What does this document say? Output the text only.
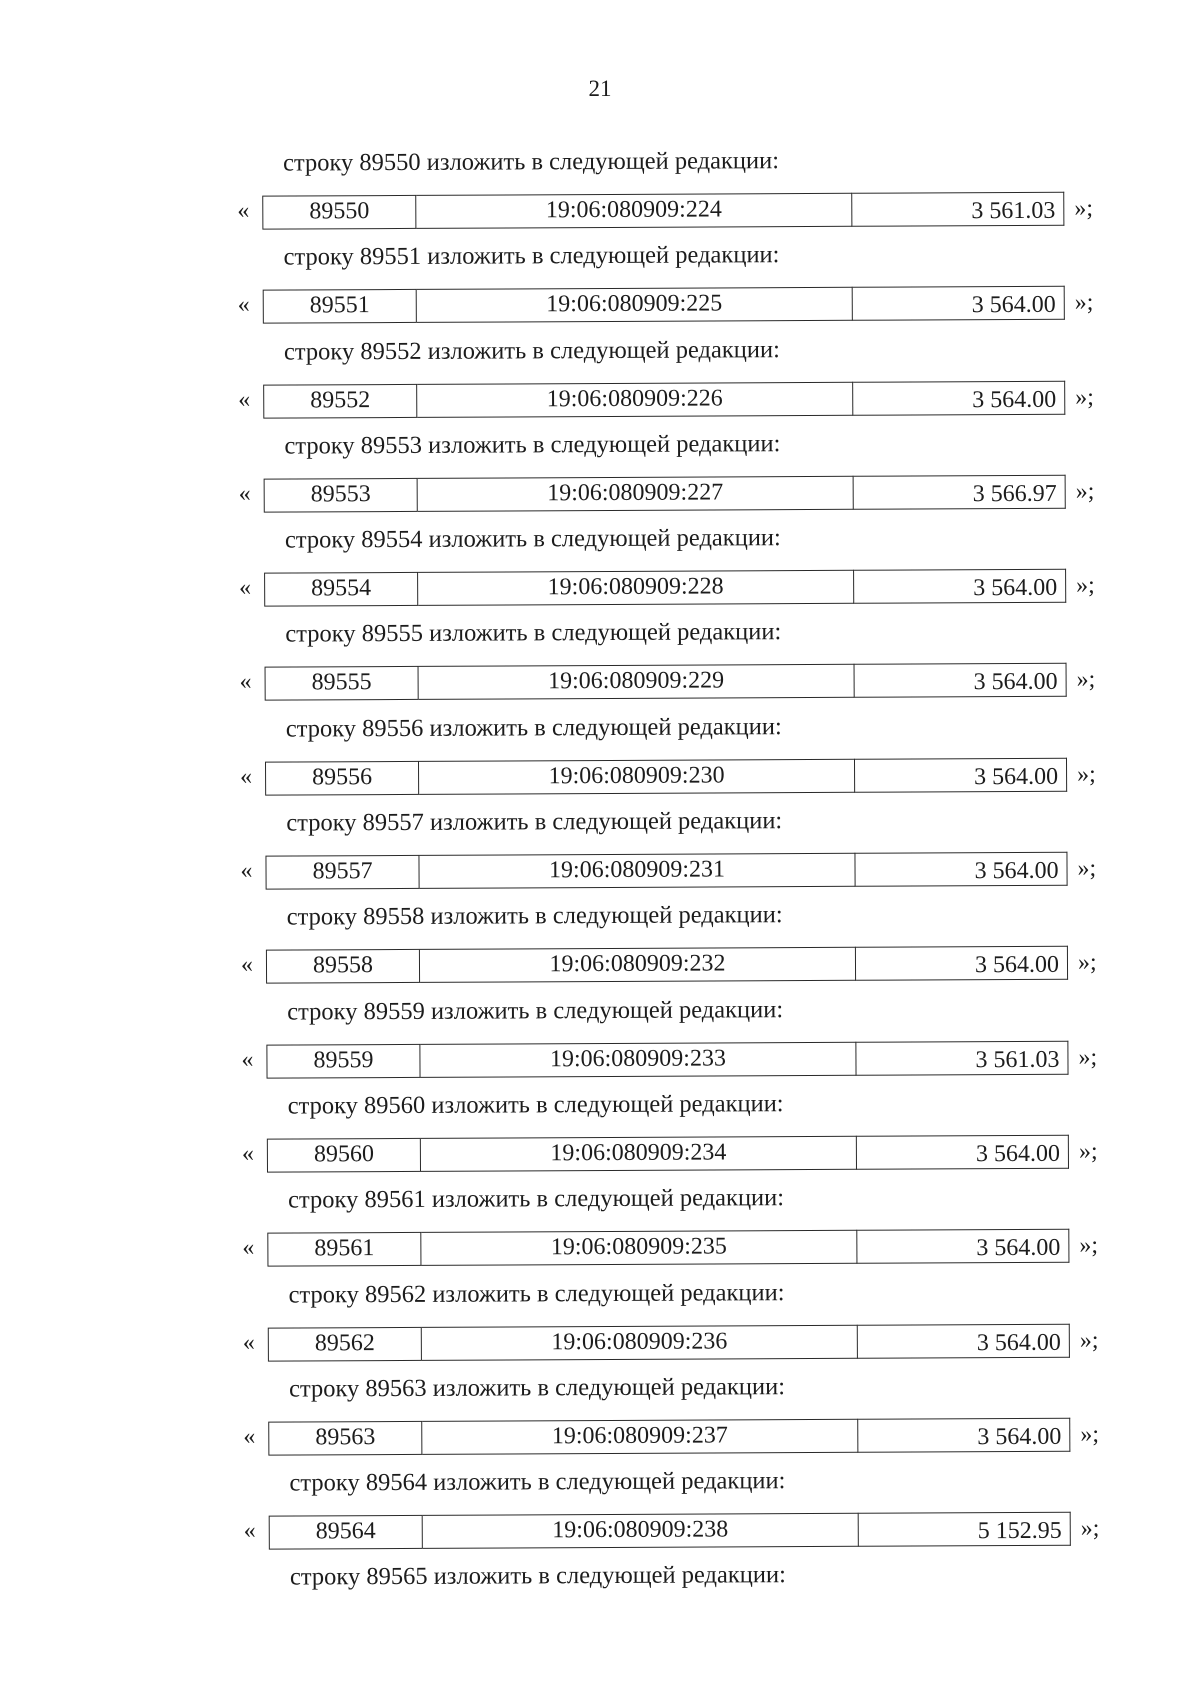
21
строку 89550 изложить в следующей редакции:
«	89550	19:06:080909:224	3 561.03 »;
строку 89551 изложить в следующей редакции:
«	89551	19:06:080909:225	3 564.00 »;
строку 89552 изложить в следующей редакции:
«	89552	19:06:080909:226	3 564.00 »;
строку 89553 изложить в следующей редакции:
«	89553	19:06:080909:227	3 566.97 »;
строку 89554 изложить в следующей редакции:
«	89554	19:06:080909:228	3 564.00 »;
строку 89555 изложить в следующей редакции:
«	89555	19:06:080909:229	3 564.00 »;
строку 89556 изложить в следующей редакции:
«	89556	19:06:080909:230	3 564.00 »;
строку 89557 изложить в следующей редакции:
«	89557	19:06:080909:231	3 564.00 »;
строку 89558 изложить в следующей редакции:
«	89558	19:06:080909:232	3 564.00 »;
строку 89559 изложить в следующей редакции:
«	89559	19:06:080909:233	3 561.03 »;
строку 89560 изложить в следующей редакции:
«	89560	19:06:080909:234	3 564.00 »;
строку 89561 изложить в следующей редакции:
«	89561	19:06:080909:235	3 564.00 »;
строку 89562 изложить в следующей редакции:
«	89562	19:06:080909:236	3 564.00 »;
строку 89563 изложить в следующей редакции:
«	89563	19:06:080909:237	3 564.00 »;
строку 89564 изложить в следующей редакции:
«	89564	19:06:080909:238	5 152.95 »;
строку 89565 изложить в следующей редакции:
